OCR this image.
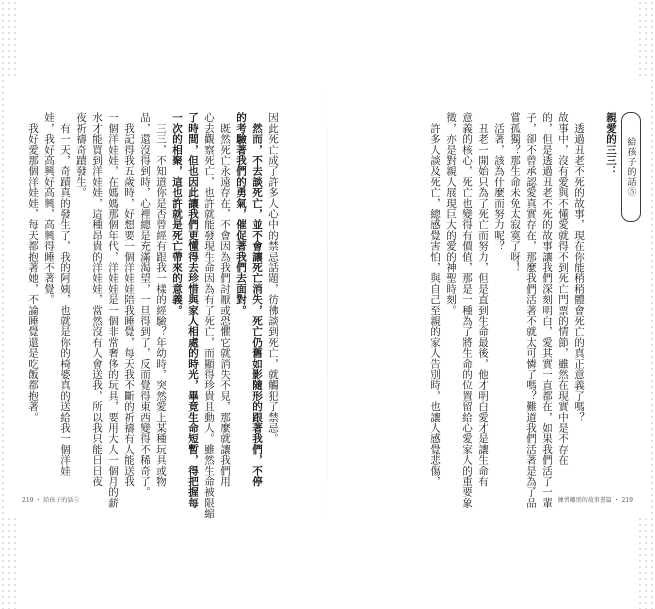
因此死亡成了許多人心中的禁忌話題，彷彿談到死亡，就觸犯了禁忌。
　然而，不去談死亡，並不會讓死亡消失，死亡仍舊如影隨形的跟著我們，不停
的考驗著我們的勇氣，催促著我們去面對。
　既然死亡永遠存在，不會因為我們討厭或恐懼它就消失不見，那麼就讓我們用
心去觀察死亡，也許就能發現生命因為有了死亡，而顯得珍貴且動人。雖然生命被限縮
了時間，但也因此讓我們更懂得去珍惜與家人相處的時光，畢竟生命短暫，得把握每
一次的相聚，這也許就是死亡帶來的意義。
　三三，不知道你是否曾經有跟我一樣的經驗？年幼時，突然愛上某種玩具或物
品，還沒得到時，心裡總是充滿渴望，一旦得到了，反而覺得東西變得不稀奇了。
　我記得我五歲時，好想要一個洋娃娃陪我睡覺，每天我不斷的祈禱有人能送我
一個洋娃娃，在媽媽那個年代，洋娃娃是一個非常奢侈的玩具，要用大人一個月的薪
水才能買到洋娃娃，這種昂貴的洋娃娃，當然沒有人會送我，所以我只能日日夜
夜祈禱奇蹟發生。
　有一天，奇蹟真的發生了，我的阿姨，也就是你的椅婆真的送給我一個洋娃
娃，我好高興好高興，高興得睡不著覺。
　我好愛那個洋娃娃，每天都抱著她，不論睡覺還是吃飯都抱著。
219 ・ 給孩子的話⑤
給孩子的話⑤
親愛的三三：
　透過丑老不死的故事，現在你能稍稍體會死亡的真正意義了嗎？
故事中，沒有愛與不懂愛就得不到死亡門票的情節，雖然在現實中是不存在
的，但是透過丑老不死的故事讓我們深刻明白，愛其實一直都在，如果我們活了一輩
子，卻不曾承認愛真實存在，那麼我們活著不就太可憐了嗎？難道我們活著是為了品
嘗孤獨？那生命未免太寂寞了呀！
　活著，該為什麼而努力呢？
　丑老一開始只為了死亡而努力，但是直到生命最後，他才明白愛才是讓生命有
意義的核心，死亡也變得有價值，那是一種為了將生命的位置留給心愛家人的重要象
徵，亦是對親人展現巨大的愛的神聖時刻。
　許多人談及死亡，總感覺害怕，與自己至親的家人告別時，也讓人感覺悲傷，
練習離別的故事書篇 ・ 219
